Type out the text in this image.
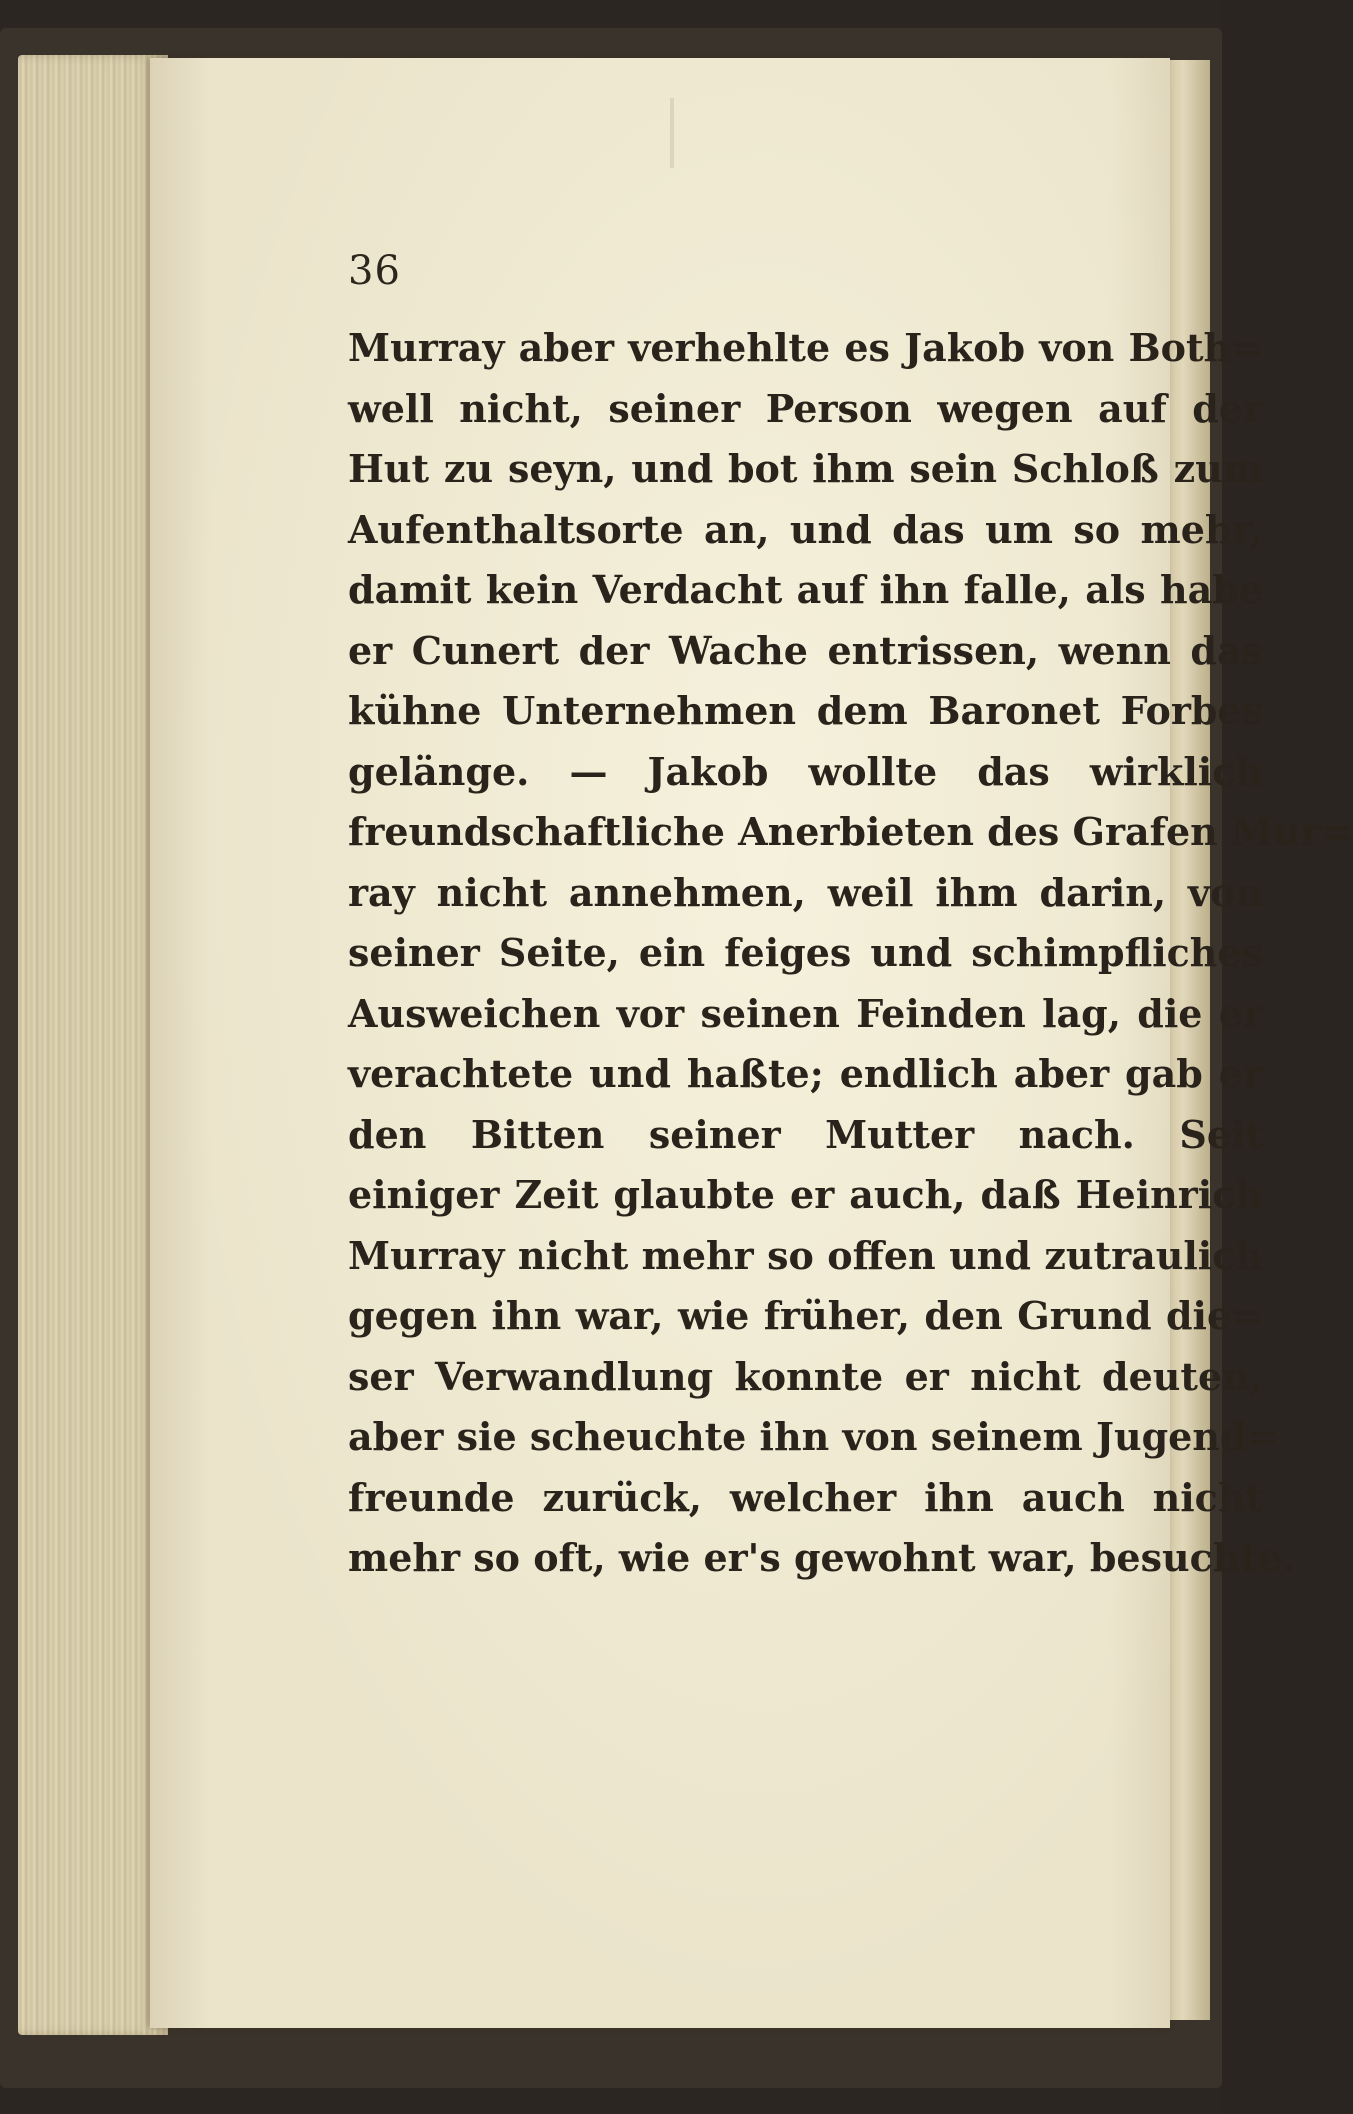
36

Murray aber verhehlte es Jakob von Both=
well nicht, seiner Person wegen auf der
Hut zu seyn, und bot ihm sein Schloß zum
Aufenthaltsorte an, und das um so mehr,
damit kein Verdacht auf ihn falle, als habe
er Cunert der Wache entrissen, wenn das
kühne Unternehmen dem Baronet Forbes
gelänge. — Jakob wollte das wirklich
freundschaftliche Anerbieten des Grafen Mur=
ray nicht annehmen, weil ihm darin, von
seiner Seite, ein feiges und schimpfliches
Ausweichen vor seinen Feinden lag, die er
verachtete und haßte; endlich aber gab er
den Bitten seiner Mutter nach. Seit
einiger Zeit glaubte er auch, daß Heinrich
Murray nicht mehr so offen und zutraulich
gegen ihn war, wie früher, den Grund die=
ser Verwandlung konnte er nicht deuten,
aber sie scheuchte ihn von seinem Jugend=
freunde zurück, welcher ihn auch nicht
mehr so oft, wie er's gewohnt war, besuchte.
